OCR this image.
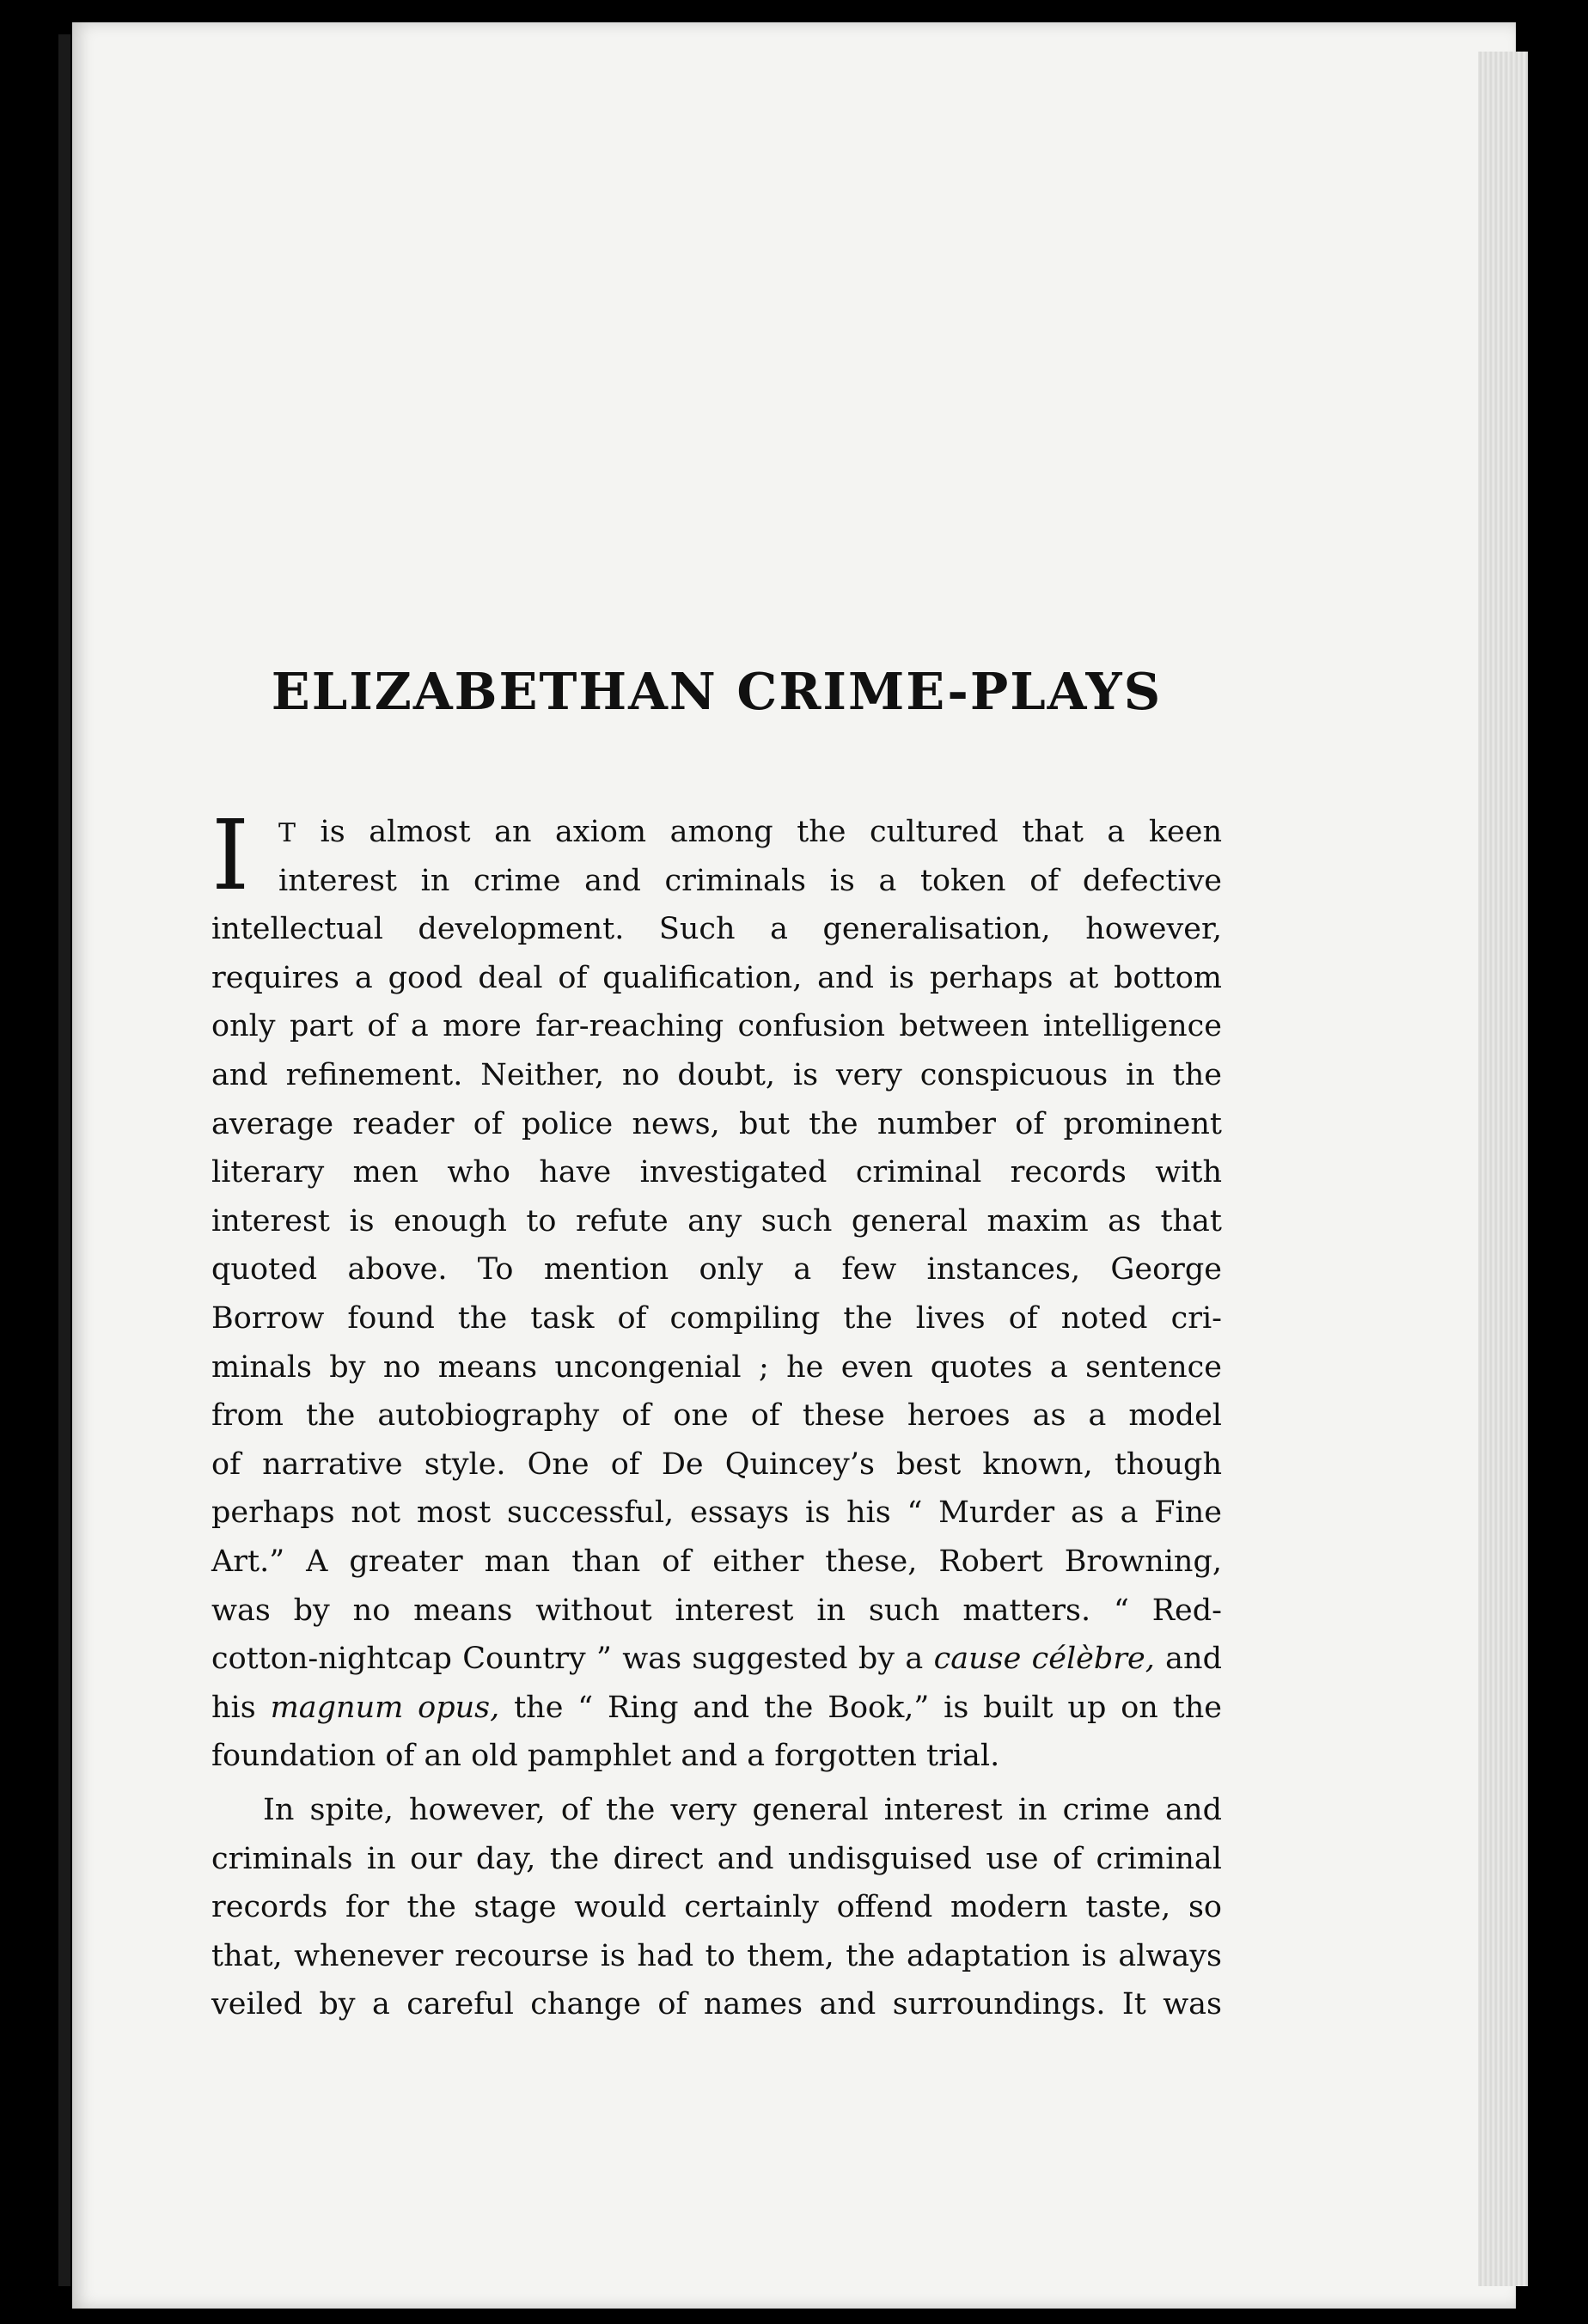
ELIZABETHAN CRIME-PLAYS
I	T is almost an axiom among the cultured that a keen
interest in crime and criminals is a token of defective
intellectual development. Such a generalisation, however,
requires a good deal of qualification, and is perhaps at bottom
only part of a more far-reaching confusion between intelligence
and refinement. Neither, no doubt, is very conspicuous in the
average reader of police news, but the number of prominent
literary men who have investigated criminal records with
interest is enough to refute any such general maxim as that
quoted above. To mention only a few instances, George
Borrow found the task of compiling the lives of noted cri-
minals by no means uncongenial ; he even quotes a sentence
from the autobiography of one of these heroes as a model
of narrative style. One of De Quincey’s best known, though
perhaps not most successful, essays is his “ Murder as a Fine
Art.” A greater man than of either these, Robert Browning,
was by no means without interest in such matters. “ Red-
cotton-nightcap Country ” was suggested by a cause célèbre, and
his magnum opus, the “ Ring and the Book,” is built up on the
foundation of an old pamphlet and a forgotten trial.

In spite, however, of the very general interest in crime and
criminals in our day, the direct and undisguised use of criminal
records for the stage would certainly offend modern taste, so
that, whenever recourse is had to them, the adaptation is always
veiled by a careful change of names and surroundings. It was
